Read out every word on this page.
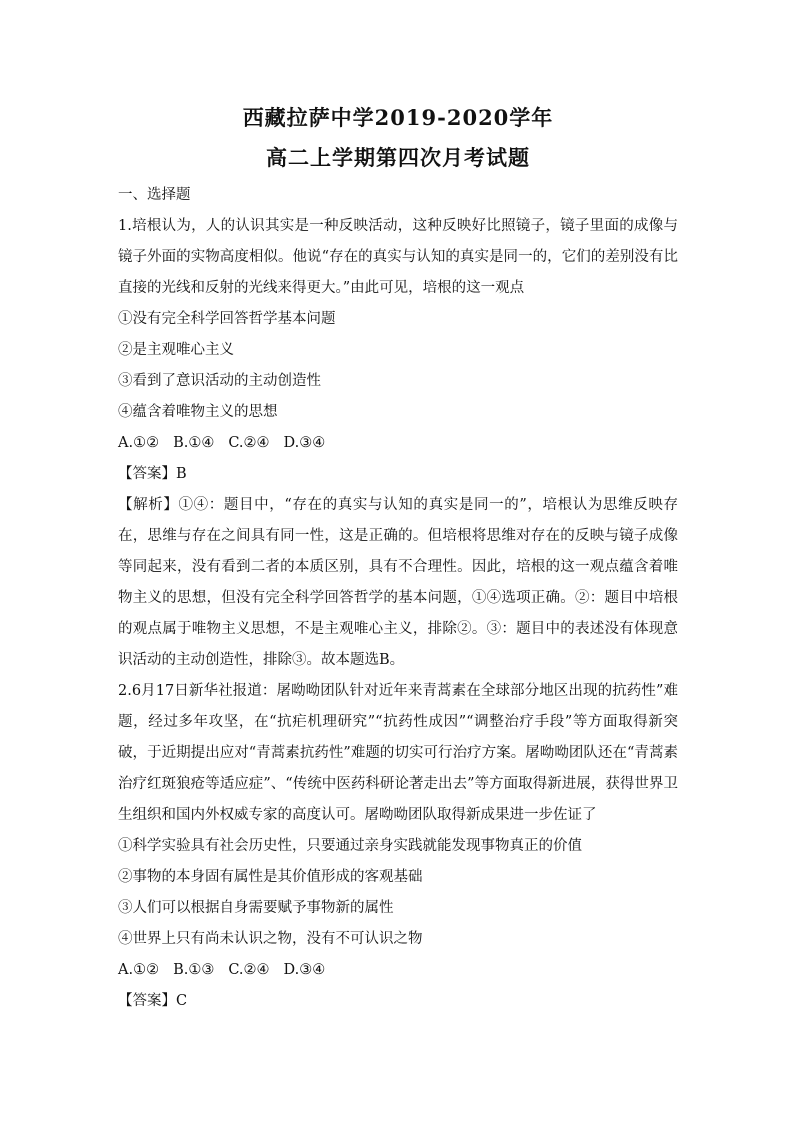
西藏拉萨中学2019-2020学年
高二上学期第四次月考试题
一、选择题
1.培根认为，人的认识其实是一种反映活动，这种反映好比照镜子，镜子里面的成像与镜子外面的实物高度相似。他说“存在的真实与认知的真实是同一的，它们的差别没有比直接的光线和反射的光线来得更大。”由此可见，培根的这一观点
①没有完全科学回答哲学基本问题
②是主观唯心主义
③看到了意识活动的主动创造性
④蕴含着唯物主义的思想
A.①② B.①④ C.②④ D.③④
【答案】B
【解析】①④：题目中，“存在的真实与认知的真实是同一的”，培根认为思维反映存在，思维与存在之间具有同一性，这是正确的。但培根将思维对存在的反映与镜子成像等同起来，没有看到二者的本质区别，具有不合理性。因此，培根的这一观点蕴含着唯物主义的思想，但没有完全科学回答哲学的基本问题，①④选项正确。②：题目中培根的观点属于唯物主义思想，不是主观唯心主义，排除②。③：题目中的表述没有体现意识活动的主动创造性，排除③。故本题选B。
2.6月17日新华社报道：屠呦呦团队针对近年来青蒿素在全球部分地区出现的抗药性”难题，经过多年攻坚，在“抗疟机理研究”“抗药性成因”“调整治疗手段”等方面取得新突破，于近期提出应对“青蒿素抗药性”难题的切实可行治疗方案。屠呦呦团队还在“青蒿素治疗红斑狼疮等适应症”、“传统中医药科研论著走出去”等方面取得新进展，获得世界卫生组织和国内外权威专家的高度认可。屠呦呦团队取得新成果进一步佐证了
①科学实验具有社会历史性，只要通过亲身实践就能发现事物真正的价值
②事物的本身固有属性是其价值形成的客观基础
③人们可以根据自身需要赋予事物新的属性
④世界上只有尚未认识之物，没有不可认识之物
A.①② B.①③ C.②④ D.③④
【答案】C
